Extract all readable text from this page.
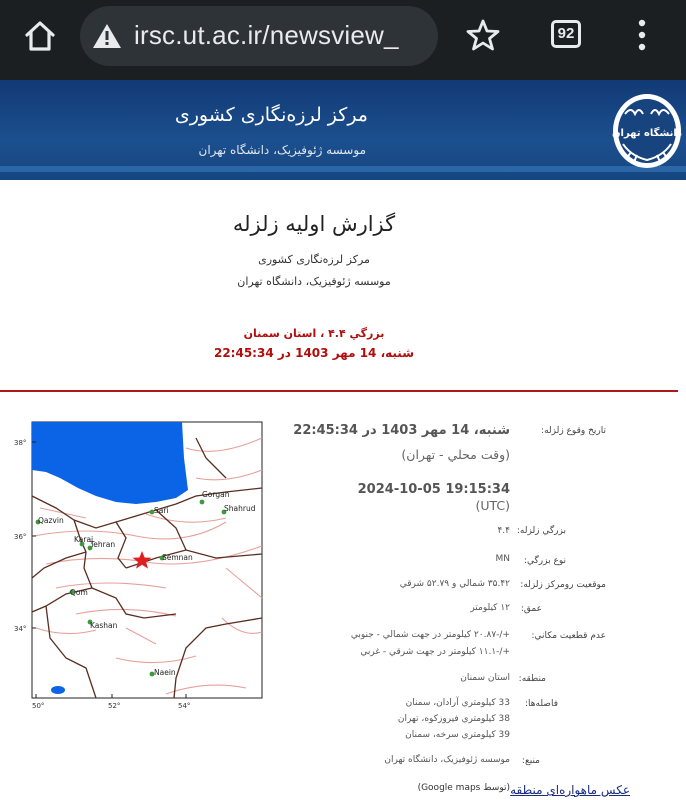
irsc.ut.ac.ir/newsview_	92
مرکز لرزه‌نگاری کشوری
موسسه ژئوفیزیک، دانشگاه تهران
دانشگاه تهران
گزارش اولیه زلزله
مرکز لرزه‌نگاری کشوری
موسسه ژئوفیزیک، دانشگاه تهران
بزرگي ۴.۴ ، استان سمنان
شنبه، 14 مهر 1403 در 22:45:34
38°
36°
34°
50°	52°	54°
Gorgan
Sari	Shahrud
Qazvin
Karaj
Tehran
Semnan
Qom
Kashan
Naein
تاريخ وقوع زلزله:
شنبه، 14 مهر 1403 در 22:45:34
(وقت محلي - تهران)
2024-10-05 19:15:34
(UTC)
بزرگي زلزله:
۴.۴
نوع بزرگي:
MN
موقعيت رومرکز زلزله:
۳۵.۴۲ شمالي و ۵۲.۷۹ شرقي
عمق:
۱۲ کيلومتر
عدم قطعيت مکاني:
+/-۲۰.۸۷ کيلومتر در جهت شمالي - جنوبي
+/-۱۱.۱ کيلومتر در جهت شرقي - غربي
منطقه:
استان سمنان
فاصله‌ها:
33 کيلومتري آرادان، سمنان
38 کيلومتري فيروزکوه، تهران
39 کيلومتري سرخه، سمنان
منبع:
موسسه ژئوفيزيک، دانشگاه تهران
عکس ماهواره‌ای منطقه
(توسط Google maps)
